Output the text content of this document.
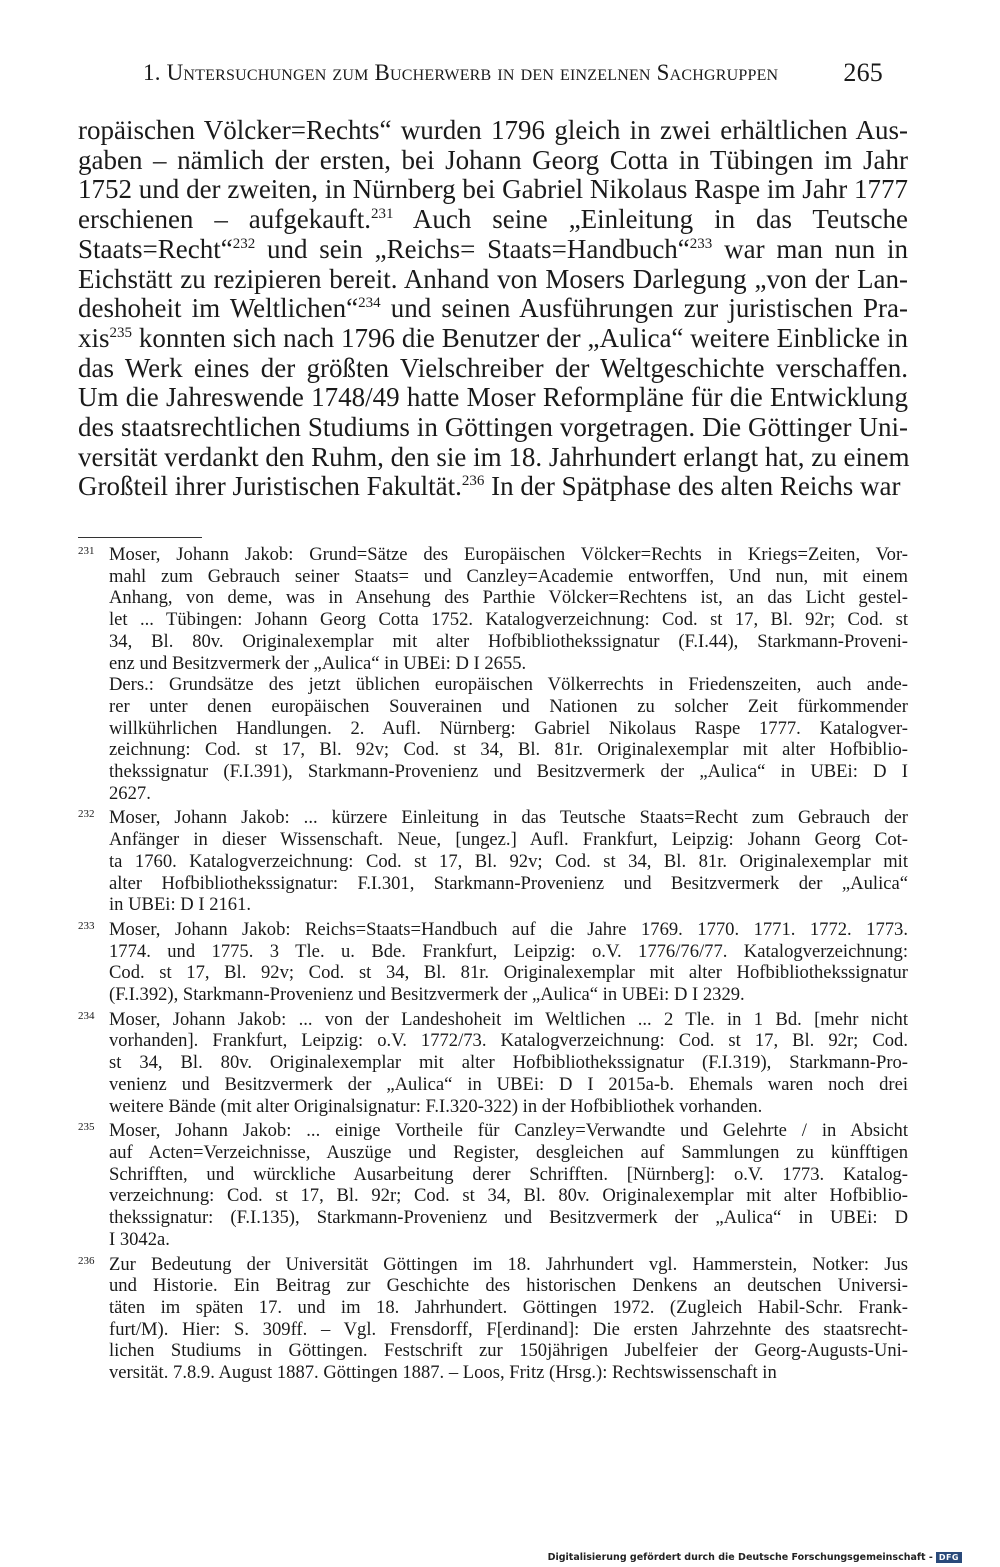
1. Untersuchungen zum Bucherwerb in den einzelnen Sachgruppen	265
ropäischen Völcker=Rechts“ wurden 1796 gleich in zwei erhältlichen Aus-
gaben – nämlich der ersten, bei Johann Georg Cotta in Tübingen im Jahr
1752 und der zweiten, in Nürnberg bei Gabriel Nikolaus Raspe im Jahr 1777
erschienen – aufgekauft.$^{231}$ Auch seine „Einleitung in das Teutsche
Staats=Recht“$^{232}$ und sein „Reichs= Staats=Handbuch“$^{233}$ war man nun in
Eichstätt zu rezipieren bereit. Anhand von Mosers Darlegung „von der Lan-
deshoheit im Weltlichen“$^{234}$ und seinen Ausführungen zur juristischen Pra-
xis$^{235}$ konnten sich nach 1796 die Benutzer der „Aulica“ weitere Einblicke in
das Werk eines der größten Vielschreiber der Weltgeschichte verschaffen.
Um die Jahreswende 1748/49 hatte Moser Reformpläne für die Entwicklung
des staatsrechtlichen Studiums in Göttingen vorgetragen. Die Göttinger Uni-
versität verdankt den Ruhm, den sie im 18. Jahrhundert erlangt hat, zu einem
Großteil ihrer Juristischen Fakultät.$^{236}$ In der Spätphase des alten Reichs war
231 Moser, Johann Jakob: Grund=Sätze des Europäischen Völcker=Rechts in Kriegs=Zeiten, Vor-
mahl zum Gebrauch seiner Staats= und Canzley=Academie entworffen, Und nun, mit einem
Anhang, von deme, was in Ansehung des Parthie Völcker=Rechtens ist, an das Licht gestel-
let ... Tübingen: Johann Georg Cotta 1752. Katalogverzeichnung: Cod. st 17, Bl. 92r; Cod. st
34, Bl. 80v. Originalexemplar mit alter Hofbibliothekssignatur (F.I.44), Starkmann-Proveni-
enz und Besitzvermerk der „Aulica“ in UBEi: D I 2655.
Ders.: Grundsätze des jetzt üblichen europäischen Völkerrechts in Friedenszeiten, auch ande-
rer unter denen europäischen Souverainen und Nationen zu solcher Zeit fürkommender
willkührlichen Handlungen. 2. Aufl. Nürnberg: Gabriel Nikolaus Raspe 1777. Katalogver-
zeichnung: Cod. st 17, Bl. 92v; Cod. st 34, Bl. 81r. Originalexemplar mit alter Hofbiblio-
thekssignatur (F.I.391), Starkmann-Provenienz und Besitzvermerk der „Aulica“ in UBEi: D I
2627.
232 Moser, Johann Jakob: ... kürzere Einleitung in das Teutsche Staats=Recht zum Gebrauch der
Anfänger in dieser Wissenschaft. Neue, [ungez.] Aufl. Frankfurt, Leipzig: Johann Georg Cot-
ta 1760. Katalogverzeichnung: Cod. st 17, Bl. 92v; Cod. st 34, Bl. 81r. Originalexemplar mit
alter Hofbibliothekssignatur: F.I.301, Starkmann-Provenienz und Besitzvermerk der „Aulica“
in UBEi: D I 2161.
233 Moser, Johann Jakob: Reichs=Staats=Handbuch auf die Jahre 1769. 1770. 1771. 1772. 1773.
1774. und 1775. 3 Tle. u. Bde. Frankfurt, Leipzig: o.V. 1776/76/77. Katalogverzeichnung:
Cod. st 17, Bl. 92v; Cod. st 34, Bl. 81r. Originalexemplar mit alter Hofbibliothekssignatur
(F.I.392), Starkmann-Provenienz und Besitzvermerk der „Aulica“ in UBEi: D I 2329.
234 Moser, Johann Jakob: ... von der Landeshoheit im Weltlichen ... 2 Tle. in 1 Bd. [mehr nicht
vorhanden]. Frankfurt, Leipzig: o.V. 1772/73. Katalogverzeichnung: Cod. st 17, Bl. 92r; Cod.
st 34, Bl. 80v. Originalexemplar mit alter Hofbibliothekssignatur (F.I.319), Starkmann-Pro-
venienz und Besitzvermerk der „Aulica“ in UBEi: D I 2015a-b. Ehemals waren noch drei
weitere Bände (mit alter Originalsignatur: F.I.320-322) in der Hofbibliothek vorhanden.
235 Moser, Johann Jakob: ... einige Vortheile für Canzley=Verwandte und Gelehrte / in Absicht
auf Acten=Verzeichnisse, Auszüge und Register, desgleichen auf Sammlungen zu künfftigen
Schrifften, und würckliche Ausarbeitung derer Schrifften. [Nürnberg]: o.V. 1773. Katalog-
verzeichnung: Cod. st 17, Bl. 92r; Cod. st 34, Bl. 80v. Originalexemplar mit alter Hofbiblio-
thekssignatur: (F.I.135), Starkmann-Provenienz und Besitzvermerk der „Aulica“ in UBEi: D
I 3042a.
236 Zur Bedeutung der Universität Göttingen im 18. Jahrhundert vgl. Hammerstein, Notker: Jus
und Historie. Ein Beitrag zur Geschichte des historischen Denkens an deutschen Universi-
täten im späten 17. und im 18. Jahrhundert. Göttingen 1972. (Zugleich Habil-Schr. Frank-
furt/M). Hier: S. 309ff. – Vgl. Frensdorff, F[erdinand]: Die ersten Jahrzehnte des staatsrecht-
lichen Studiums in Göttingen. Festschrift zur 150jährigen Jubelfeier der Georg-Augusts-Uni-
versität. 7.8.9. August 1887. Göttingen 1887. – Loos, Fritz (Hrsg.): Rechtswissenschaft in
Digitalisierung gefördert durch die Deutsche Forschungsgemeinschaft - DFG
